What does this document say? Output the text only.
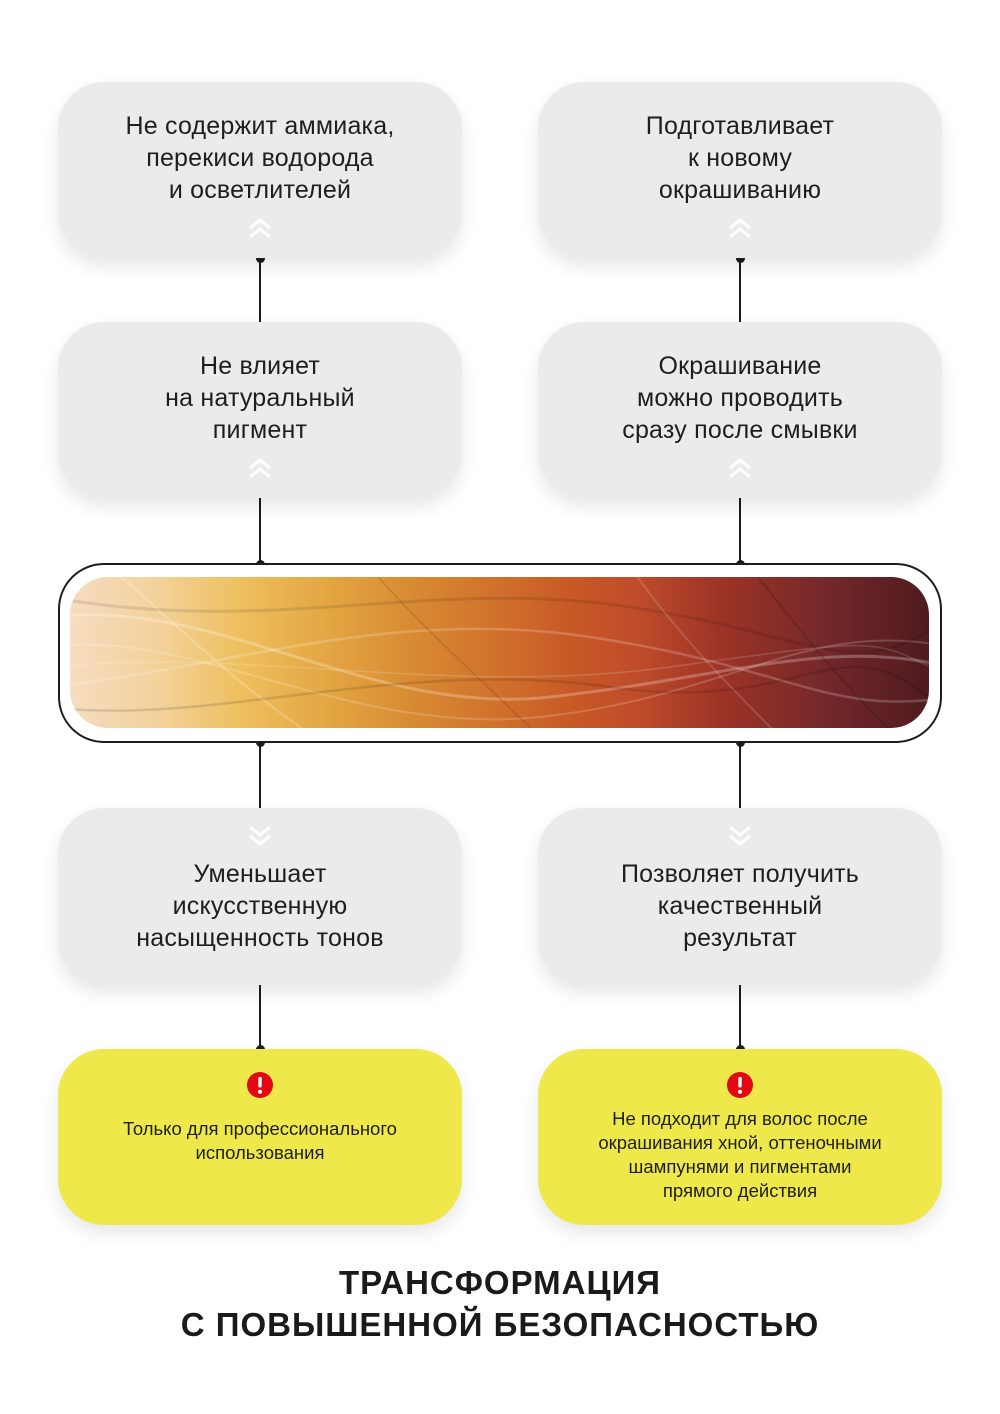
Не содержит аммиака,
перекиси водорода
и осветлителей
Подготавливает
к новому
окрашиванию
Не влияет
на натуральный
пигмент
Окрашивание
можно проводить
сразу после смывки
Уменьшает
искусственную
насыщенность тонов
Позволяет получить
качественный
результат
Только для профессионального
использования
Не подходит для волос после
окрашивания хной, оттеночными
шампунями и пигментами
прямого действия
ТРАНСФОРМАЦИЯ
С ПОВЫШЕННОЙ БЕЗОПАСНОСТЬЮ
